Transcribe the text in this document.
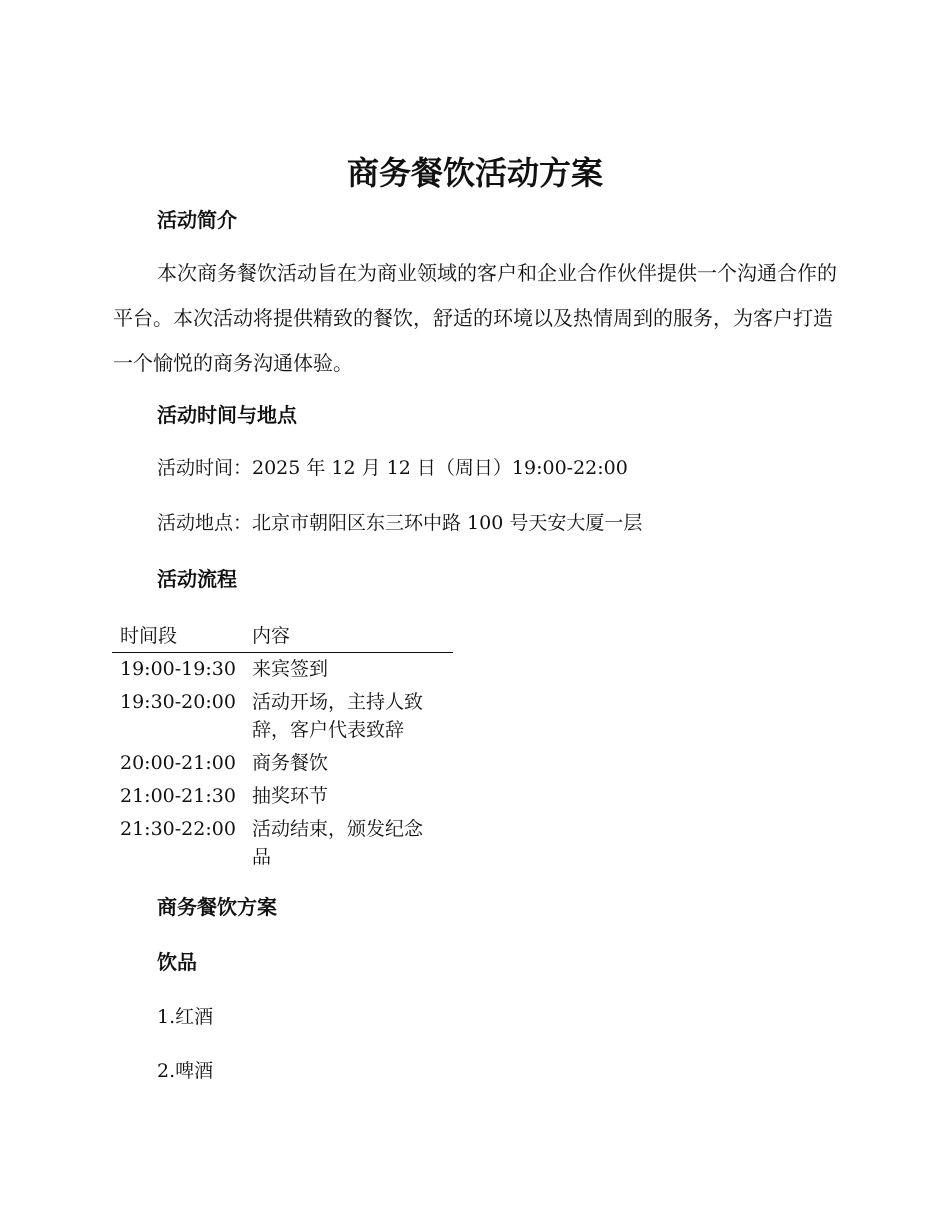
商务餐饮活动方案
活动简介

本次商务餐饮活动旨在为商业领域的客户和企业合作伙伴提供一个沟通合作的平台。本次活动将提供精致的餐饮，舒适的环境以及热情周到的服务，为客户打造一个愉悦的商务沟通体验。

活动时间与地点

活动时间：2025 年 12 月 12 日（周日）19:00-22:00

活动地点：北京市朝阳区东三环中路 100 号天安大厦一层

活动流程
时间段	内容
19:00-19:30	来宾签到
19:30-20:00	活动开场，主持人致辞，客户代表致辞
20:00-21:00	商务餐饮
21:00-21:30	抽奖环节
21:30-22:00	活动结束，颁发纪念品
商务餐饮方案
饮品

1.红酒

2.啤酒
